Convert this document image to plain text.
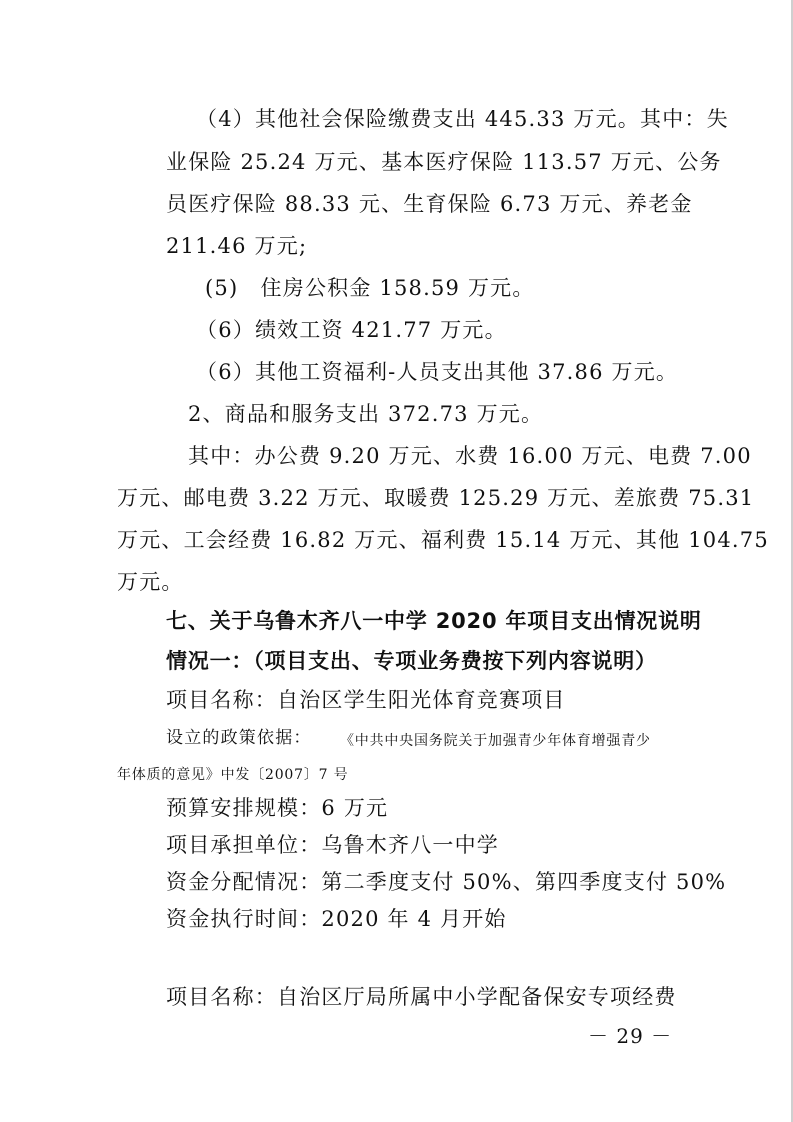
（4）其他社会保险缴费支出 445.33 万元。其中：失
业保险 25.24 万元、基本医疗保险 113.57 万元、公务
员医疗保险 88.33 元、生育保险 6.73 万元、养老金
211.46 万元;
(5)　住房公积金 158.59 万元。
（6）绩效工资 421.77 万元。
（6）其他工资福利-人员支出其他 37.86 万元。
2、商品和服务支出 372.73 万元。
其中：办公费 9.20 万元、水费 16.00 万元、电费 7.00
万元、邮电费 3.22 万元、取暖费 125.29 万元、差旅费 75.31
万元、工会经费 16.82 万元、福利费 15.14 万元、其他 104.75
万元。
七、关于乌鲁木齐八一中学 2020 年项目支出情况说明
情况一：（项目支出、专项业务费按下列内容说明）
项目名称：自治区学生阳光体育竞赛项目
设立的政策依据： 《中共中央国务院关于加强青少年体育增强青少
年体质的意见》中发〔2007〕7 号
预算安排规模：6 万元
项目承担单位：乌鲁木齐八一中学
资金分配情况：第二季度支付 50%、第四季度支付 50%
资金执行时间：2020 年 4 月开始
项目名称：自治区厅局所属中小学配备保安专项经费
－ 29 －
